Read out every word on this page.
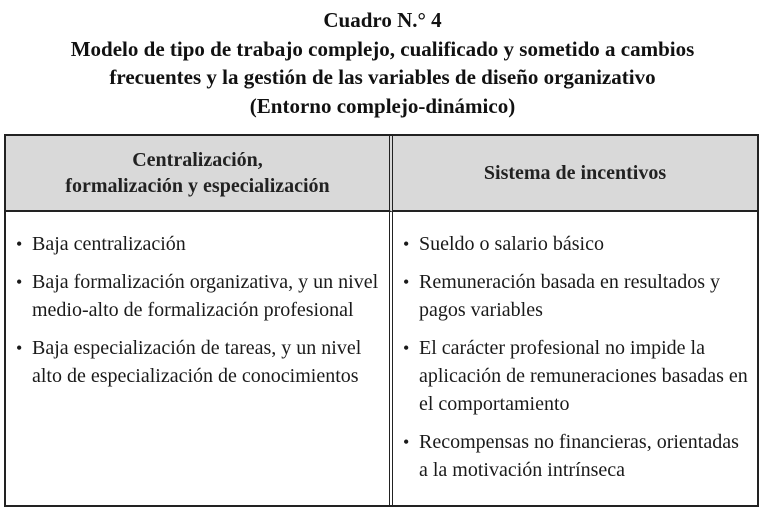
Cuadro N.° 4
Modelo de tipo de trabajo complejo, cualificado y sometido a cambios
frecuentes y la gestión de las variables de diseño organizativo
(Entorno complejo-dinámico)
Centralización,
formalización y especialización
Sistema de incentivos
• Baja centralización
• Baja formalización organizativa, y un nivel medio-alto de formalización profesional
• Baja especialización de tareas, y un nivel alto de especialización de conocimientos
• Sueldo o salario básico
• Remuneración basada en resultados y pagos variables
• El carácter profesional no impide la aplicación de remuneraciones basadas en el comportamiento
• Recompensas no financieras, orientadas a la motivación intrínseca
